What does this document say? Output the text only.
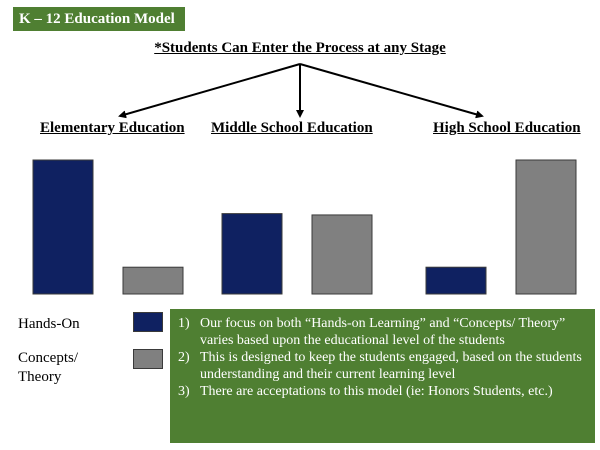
K – 12 Education Model
*Students Can Enter the Process at any Stage
Elementary Education Middle School Education	High School Education
Hands-On
Concepts/ Theory
1) Our focus on both “Hands-on Learning” and “Concepts/ Theory” varies based upon the educational level of the students
2) This is designed to keep the students engaged, based on the students understanding and their current learning level
3) There are acceptations to this model (ie: Honors Students, etc.)
